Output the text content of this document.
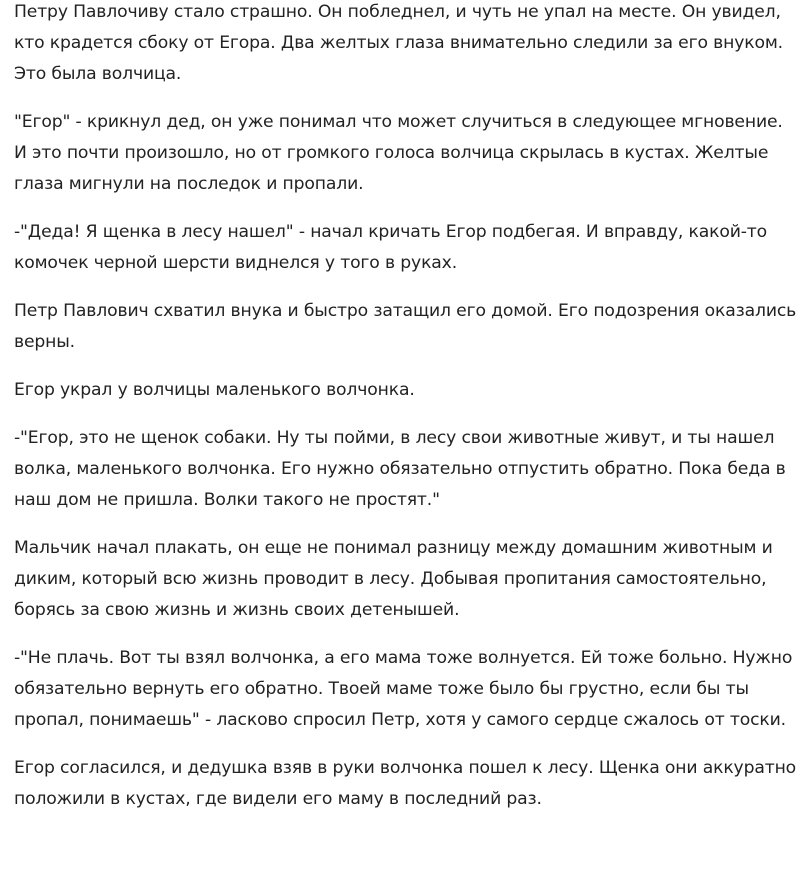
Петру Павлочиву стало страшно. Он побледнел, и чуть не упал на месте. Он увидел, кто крадется сбоку от Егора. Два желтых глаза внимательно следили за его внуком. Это была волчица.

"Егор" - крикнул дед, он уже понимал что может случиться в следующее мгновение. И это почти произошло, но от громкого голоса волчица скрылась в кустах. Желтые глаза мигнули на последок и пропали.

-"Деда! Я щенка в лесу нашел" - начал кричать Егор подбегая. И вправду, какой-то комочек черной шерсти виднелся у того в руках.

Петр Павлович схватил внука и быстро затащил его домой. Его подозрения оказались верны.

Егор украл у волчицы маленького волчонка.

-"Егор, это не щенок собаки. Ну ты пойми, в лесу свои животные живут, и ты нашел волка, маленького волчонка. Его нужно обязательно отпустить обратно. Пока беда в наш дом не пришла. Волки такого не простят."

Мальчик начал плакать, он еще не понимал разницу между домашним животным и диким, который всю жизнь проводит в лесу. Добывая пропитания самостоятельно, борясь за свою жизнь и жизнь своих детенышей.

-"Не плачь. Вот ты взял волчонка, а его мама тоже волнуется. Ей тоже больно. Нужно обязательно вернуть его обратно. Твоей маме тоже было бы грустно, если бы ты пропал, понимаешь" - ласково спросил Петр, хотя у самого сердце сжалось от тоски.

Егор согласился, и дедушка взяв в руки волчонка пошел к лесу. Щенка они аккуратно положили в кустах, где видели его маму в последний раз.
